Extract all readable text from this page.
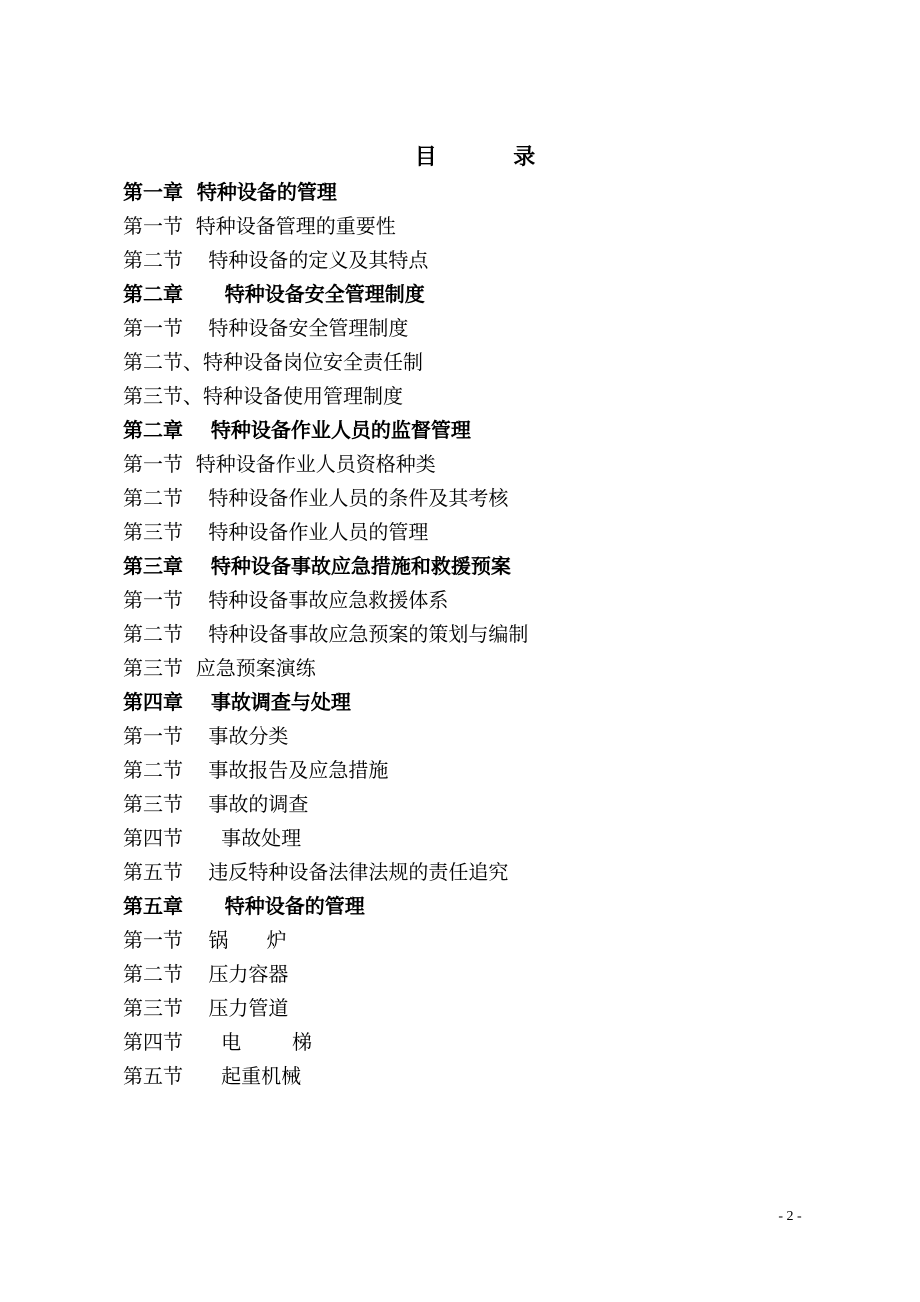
目          录
第一章  特种设备的管理
第一节  特种设备管理的重要性
第二节    特种设备的定义及其特点
第二章      特种设备安全管理制度
第一节    特种设备安全管理制度
第二节、特种设备岗位安全责任制
第三节、特种设备使用管理制度
第二章    特种设备作业人员的监督管理
第一节  特种设备作业人员资格种类
第二节    特种设备作业人员的条件及其考核
第三节    特种设备作业人员的管理
第三章    特种设备事故应急措施和救援预案
第一节    特种设备事故应急救援体系
第二节    特种设备事故应急预案的策划与编制
第三节  应急预案演练
第四章    事故调查与处理
第一节    事故分类
第二节    事故报告及应急措施
第三节    事故的调查
第四节      事故处理
第五节    违反特种设备法律法规的责任追究
第五章      特种设备的管理
第一节    锅      炉
第二节    压力容器
第三节    压力管道
第四节      电        梯
第五节      起重机械
- 2 -
